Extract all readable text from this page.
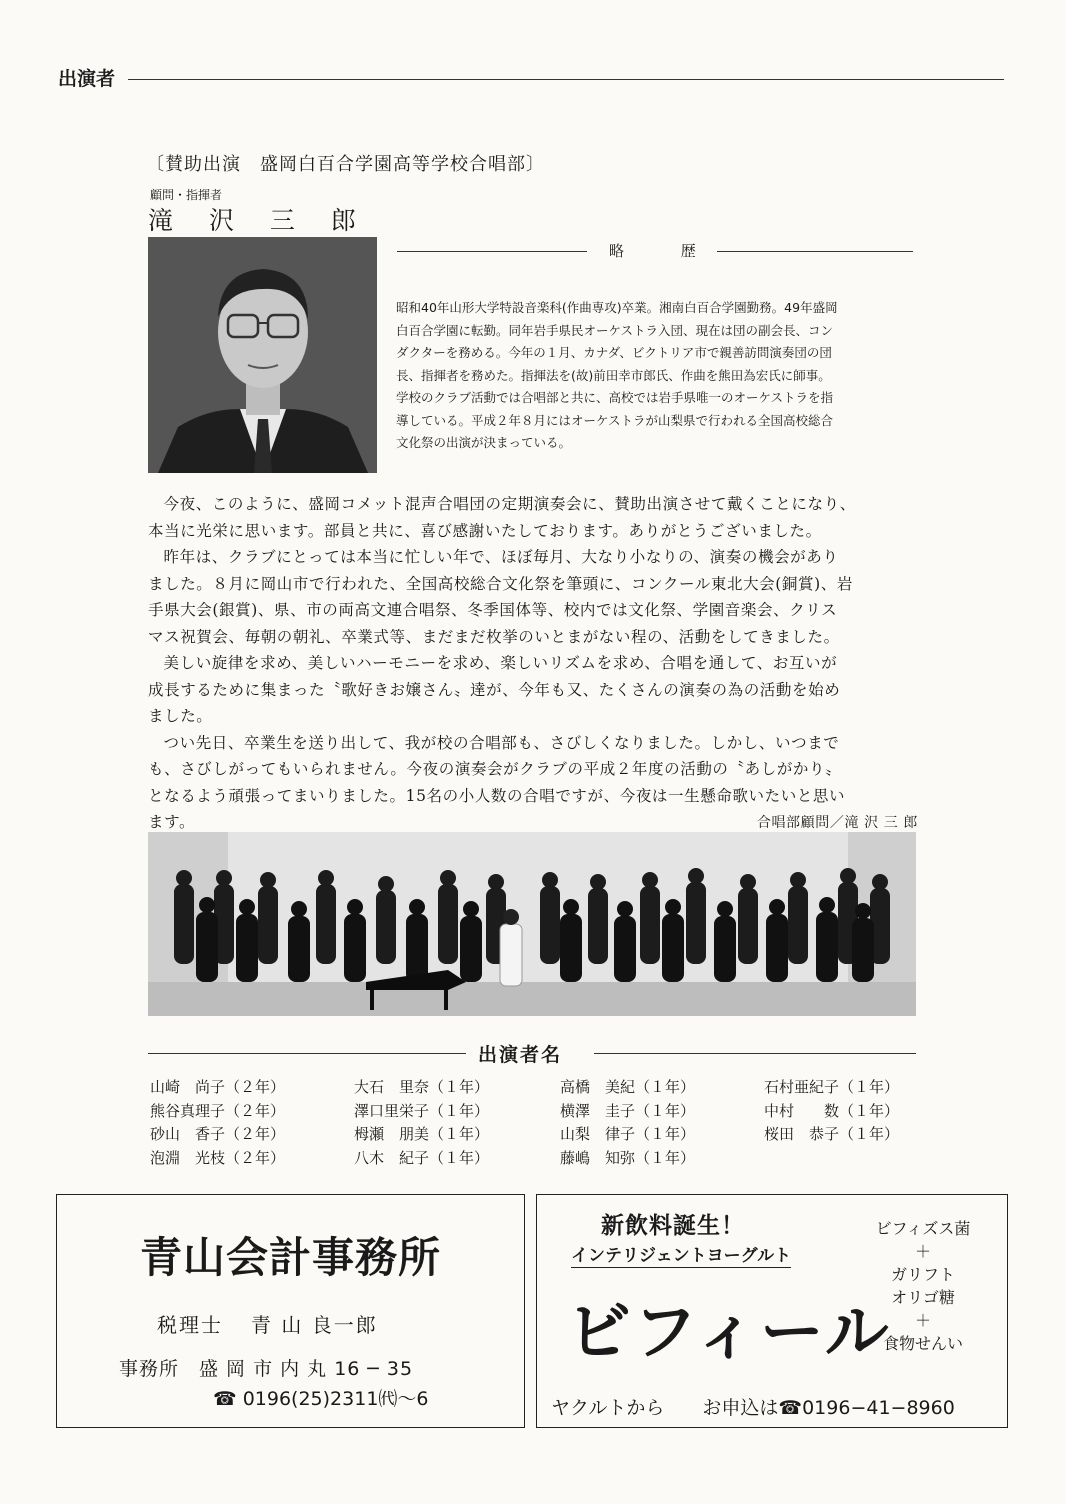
出演者
〔賛助出演　盛岡白百合学園高等学校合唱部〕
顧問・指揮者
滝 沢 三 郎
略 歴

昭和40年山形大学特設音楽科(作曲専攻)卒業。湘南白百合学園勤務。49年盛岡

白百合学園に転勤。同年岩手県民オーケストラ入団、現在は団の副会長、コン

ダクターを務める。今年の１月、カナダ、ビクトリア市で親善訪問演奏団の団

長、指揮者を務めた。指揮法を(故)前田幸市郎氏、作曲を熊田為宏氏に師事。

学校のクラブ活動では合唱部と共に、高校では岩手県唯一のオーケストラを指

導している。平成２年８月にはオーケストラが山梨県で行われる全国高校総合

文化祭の出演が決まっている。

今夜、このように、盛岡コメット混声合唱団の定期演奏会に、賛助出演させて戴くことになり、

本当に光栄に思います。部員と共に、喜び感謝いたしております。ありがとうございました。

昨年は、クラブにとっては本当に忙しい年で、ほぼ毎月、大なり小なりの、演奏の機会があり

ました。８月に岡山市で行われた、全国高校総合文化祭を筆頭に、コンクール東北大会(銅賞)、岩

手県大会(銀賞)、県、市の両高文連合唱祭、冬季国体等、校内では文化祭、学園音楽会、クリス

マス祝賀会、毎朝の朝礼、卒業式等、まだまだ枚挙のいとまがない程の、活動をしてきました。

美しい旋律を求め、美しいハーモニーを求め、楽しいリズムを求め、合唱を通して、お互いが

成長するために集まった〝歌好きお嬢さん〟達が、今年も又、たくさんの演奏の為の活動を始め

ました。

つい先日、卒業生を送り出して、我が校の合唱部も、さびしくなりました。しかし、いつまで

も、さびしがってもいられません。今夜の演奏会がクラブの平成２年度の活動の〝あしがかり〟

となるよう頑張ってまいりました。15名の小人数の合唱ですが、今夜は一生懸命歌いたいと思い

ます。	合唱部顧問／滝 沢 三 郎

出演者名
山崎　尚子（２年）
熊谷真理子（２年）
砂山　香子（２年）
泡淵　光枝（２年）
大石　里奈（１年）
澤口里栄子（１年）
栂瀬　朋美（１年）
八木　紀子（１年）
高橋　美紀（１年）
横澤　圭子（１年）
山梨　律子（１年）
藤嶋　知弥（１年）
石村亜紀子（１年）
中村　　数（１年）
桜田　恭子（１年）
青山会計事務所
税理士 青 山 良一郎
事務所　盛 岡 市 内 丸 16 ─ 35
☎ 0196(25)2311㈹～6
新飲料誕生！
インテリジェントヨーグルト
ビフィール
ビフィズス菌
＋
ガリフト
オリゴ糖
＋
食物せんい
ヤクルトから　　お申込は☎0196−41−8960
